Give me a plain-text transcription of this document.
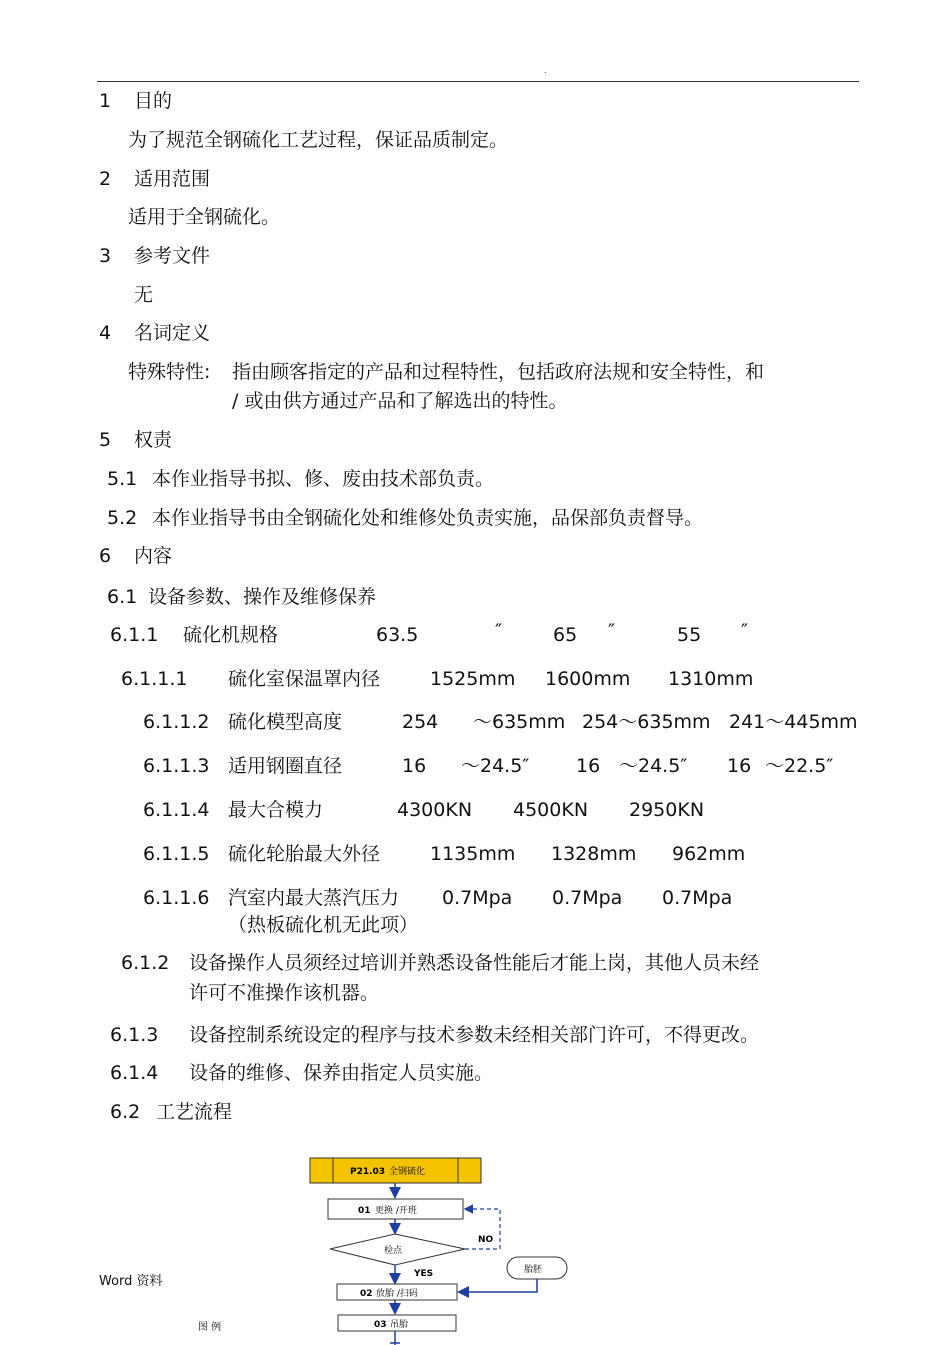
.
1 目的
为了规范全钢硫化工艺过程，保证品质制定。
2 适用范围
适用于全钢硫化。
3 参考文件
无
4 名词定义
特殊特性: 指由顾客指定的产品和过程特性，包括政府法规和安全特性，和
/ 或由供方通过产品和了解选出的特性。
5 权责
5.1 本作业指导书拟、修、废由技术部负责。
5.2 本作业指导书由全钢硫化处和维修处负责实施，品保部负责督导。
6 内容
6.1 设备参数、操作及维修保养
6.1.1 硫化机规格	63.5	″	65 ″	55 ″
6.1.1.1 硫化室保温罩内径	1525mm 1600mm 1310mm
6.1.1.2 硫化模型高度	254 ～635mm 254～635mm 241～445mm
6.1.1.3 适用钢圈直径	16 ～24.5″ 16 ～24.5″ 16 ～22.5″
6.1.1.4 最大合模力	4300KN 4500KN 2950KN
6.1.1.5 硫化轮胎最大外径	1135mm 1328mm 962mm
6.1.1.6 汽室内最大蒸汽压力 0.7Mpa 0.7Mpa 0.7Mpa
（热板硫化机无此项）
6.1.2 设备操作人员须经过培训并熟悉设备性能后才能上岗，其他人员未经
许可不准操作该机器。
6.1.3 设备控制系统设定的程序与技术参数未经相关部门许可，不得更改。
6.1.4 设备的维修、保养由指定人员实施。
6.2 工艺流程
P21.03 全钢硫化
01 更换 /开班
检点
NO
YES	胎胚
02 放胎 /扫码
03 吊胎
Word 资料
图 例
